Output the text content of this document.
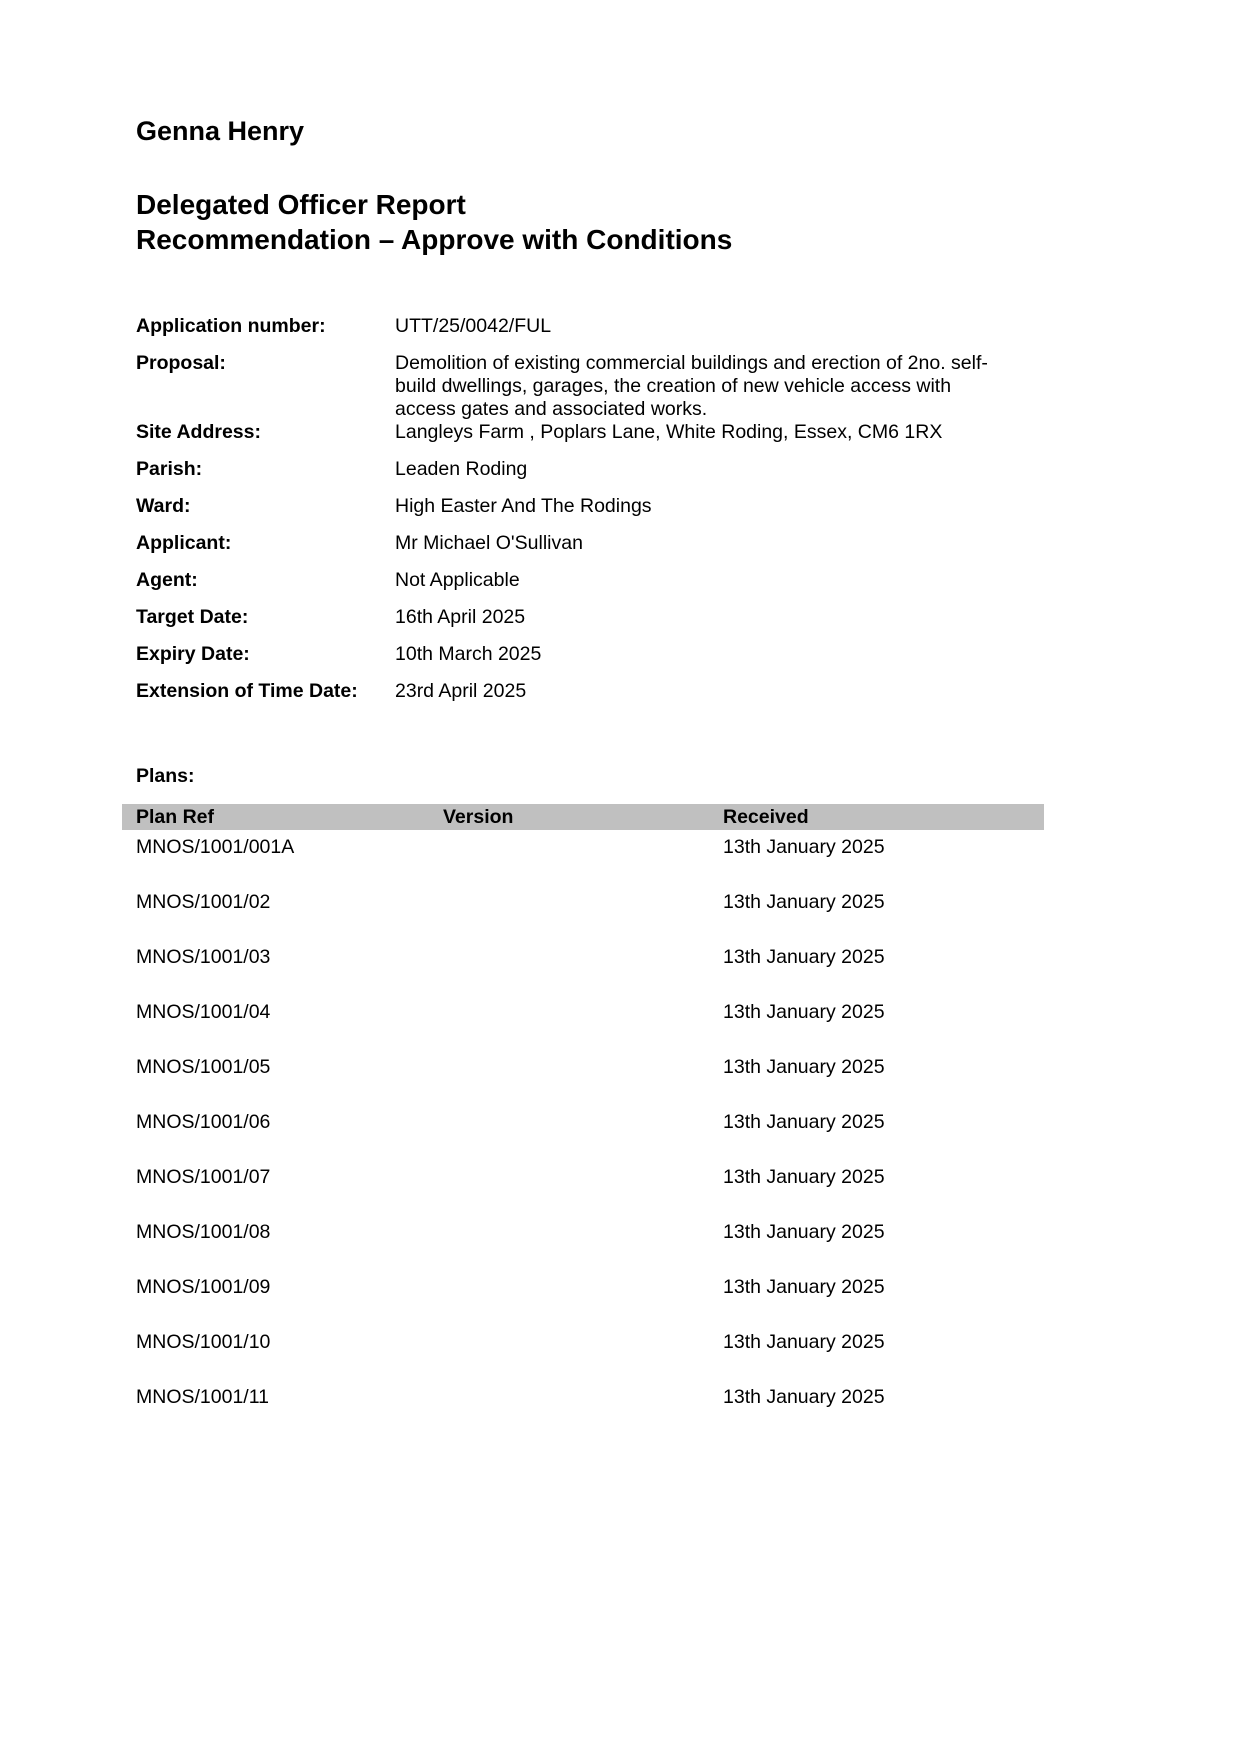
Genna Henry
Delegated Officer Report
Recommendation – Approve with Conditions
Application number:	UTT/25/0042/FUL
Proposal:	Demolition of existing commercial buildings and erection of 2no. self-build dwellings, garages, the creation of new vehicle access with access gates and associated works.
Site Address:	Langleys Farm , Poplars Lane, White Roding, Essex, CM6 1RX
Parish:	Leaden Roding
Ward:	High Easter And The Rodings
Applicant:	Mr Michael O'Sullivan
Agent:	Not Applicable
Target Date:	16th April 2025
Expiry Date:	10th March 2025
Extension of Time Date:	23rd April 2025
Plans:
Plan Ref	Version	Received
MNOS/1001/001A		13th January 2025
MNOS/1001/02		13th January 2025
MNOS/1001/03		13th January 2025
MNOS/1001/04		13th January 2025
MNOS/1001/05		13th January 2025
MNOS/1001/06		13th January 2025
MNOS/1001/07		13th January 2025
MNOS/1001/08		13th January 2025
MNOS/1001/09		13th January 2025
MNOS/1001/10		13th January 2025
MNOS/1001/11		13th January 2025
